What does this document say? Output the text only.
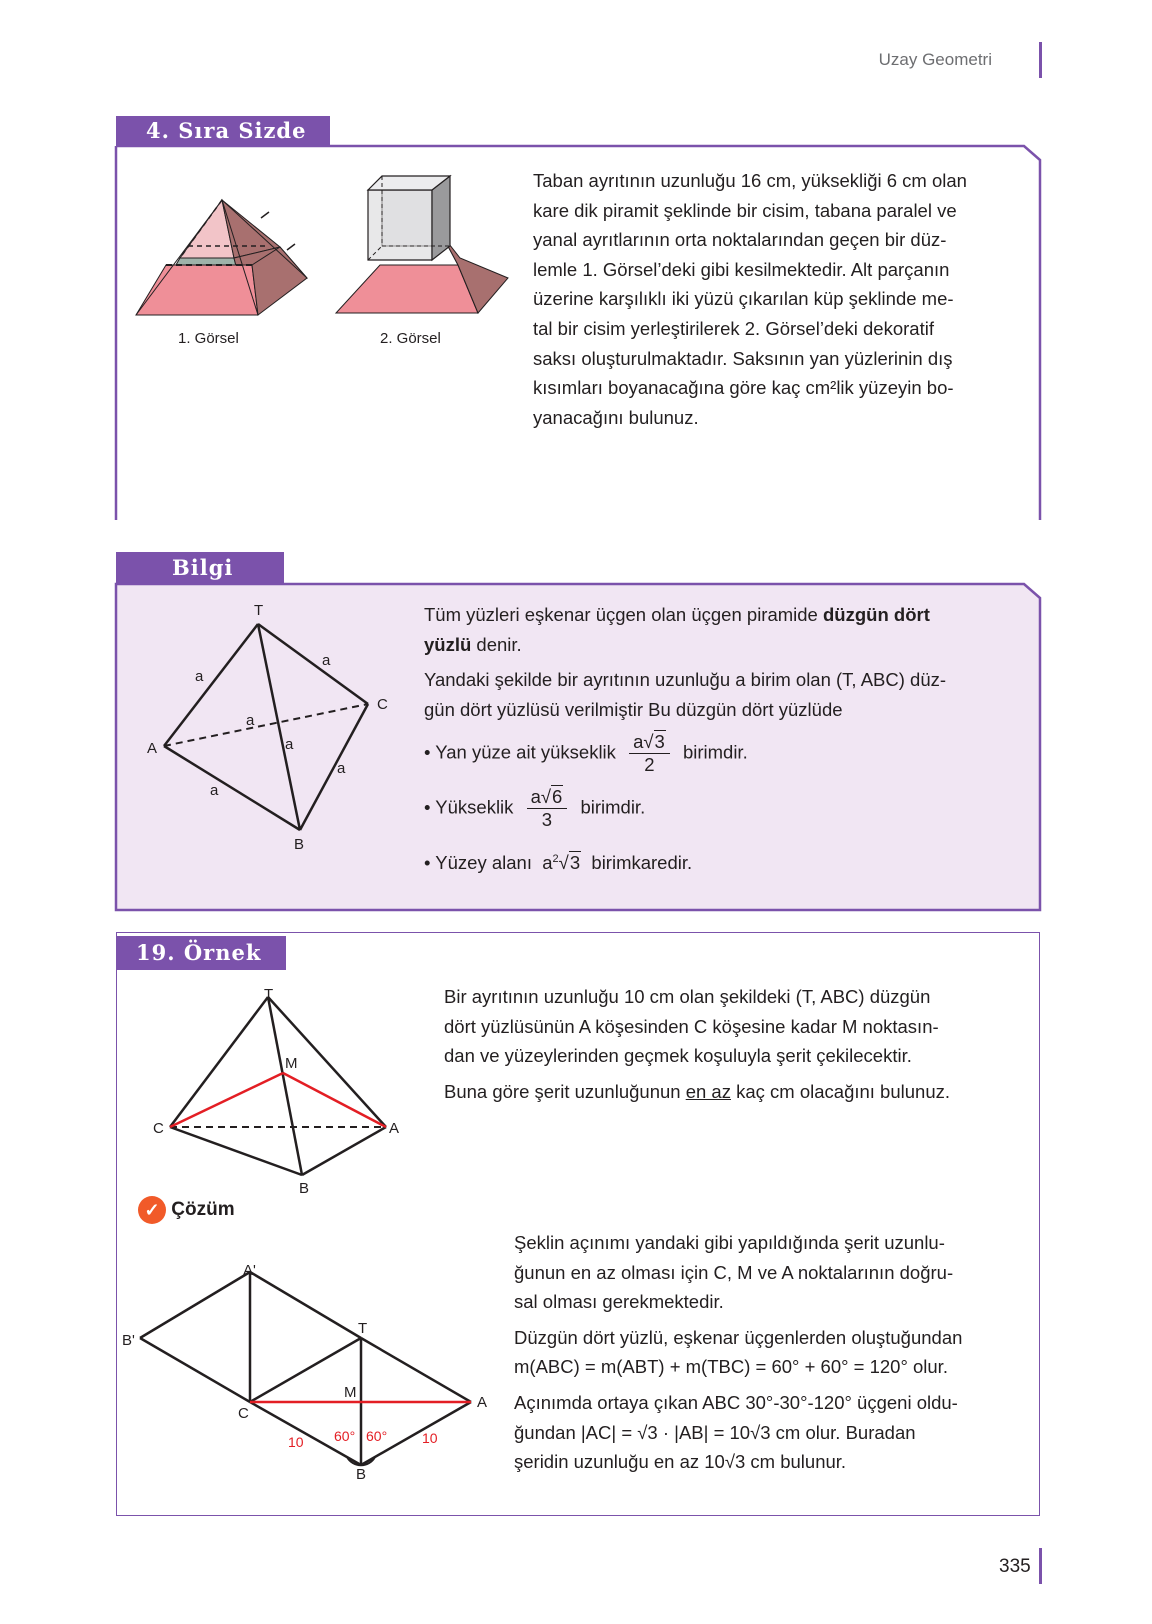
Uzay Geometri
4. Sıra Sizde
1. Görsel	2. Görsel

Taban ayrıtının uzunluğu 16 cm, yüksekliği 6 cm olan

kare dik piramit şeklinde bir cisim, tabana paralel ve

yanal ayrıtlarının orta noktalarından geçen bir düz-

lemle 1. Görsel’deki gibi kesilmektedir. Alt parçanın

üzerine karşılıklı iki yüzü çıkarılan küp şeklinde me-

tal bir cisim yerleştirilerek 2. Görsel’deki dekoratif

saksı oluşturulmaktadır. Saksının yan yüzlerinin dış

kısımları boyanacağına göre kaç cm²lik yüzeyin bo-

yanacağını bulunuz.

Bilgi
T
A
B
C
a
a
a
a
a
a

Tüm yüzleri eşkenar üçgen olan üçgen piramide düzgün dört

yüzlü denir.

Yandaki şekilde bir ayrıtının uzunluğu a birim olan (T, ABC) düz-

gün dört yüzlüsü verilmiştir Bu düzgün dört yüzlüde

• Yan yüze ait yükseklik $\frac{a√3}{2}$ birimdir.
• Yükseklik $\frac{a√6}{3}$ birimdir.
• Yüzey alanı $a^2√3$ birimkaredir.
19. Örnek
T
M
C	A
B

Bir ayrıtının uzunluğu 10 cm olan şekildeki (T, ABC) düzgün

dört yüzlüsünün A köşesinden C köşesine kadar M noktasın-

dan ve yüzeylerinden geçmek koşuluyla şerit çekilecektir.

Buna göre şerit uzunluğunun en az kaç cm olacağını bulunuz.

✓ Çözüm
A'
B'
T
M
C
A
B
10	10
60° 60°

Şeklin açınımı yandaki gibi yapıldığında şerit uzunlu-

ğunun en az olması için C, M ve A noktalarının doğru-

sal olması gerekmektedir.

Düzgün dört yüzlü, eşkenar üçgenlerden oluştuğundan

m(ABC) = m(ABT) + m(TBC) = 60° + 60° = 120° olur.

Açınımda ortaya çıkan ABC 30°-30°-120° üçgeni oldu-

ğundan |AC| = √3 · |AB| = 10√3 cm olur. Buradan

şeridin uzunluğu en az 10√3 cm bulunur.

335
